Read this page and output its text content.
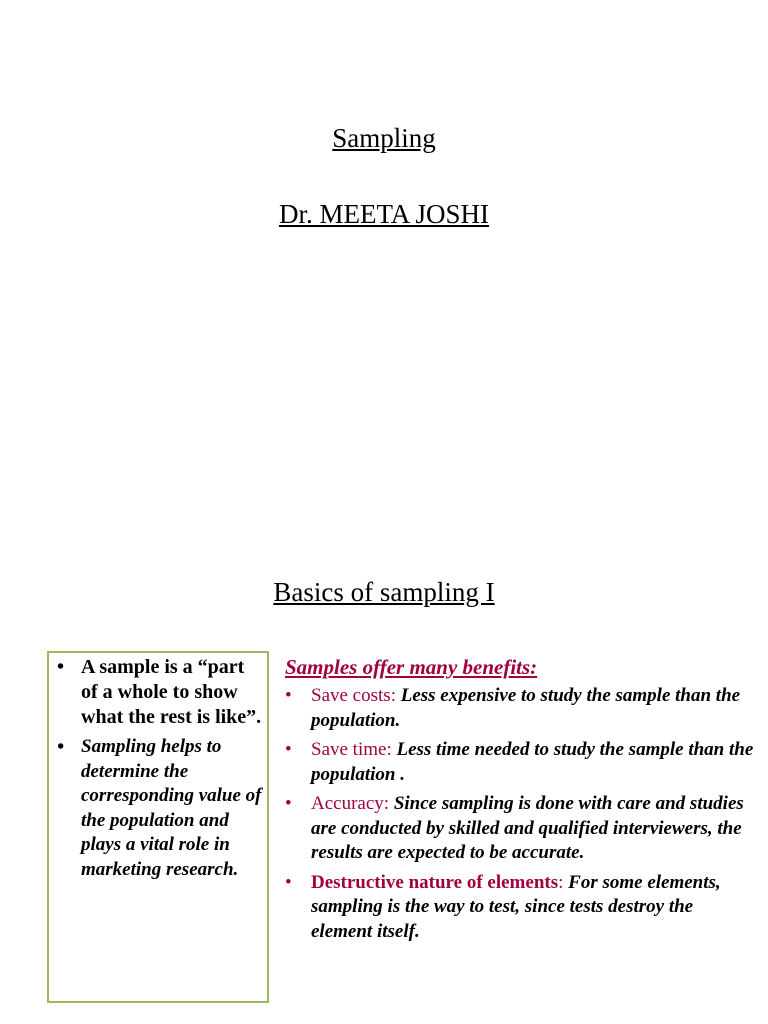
Sampling
Dr. MEETA JOSHI
Basics of sampling I
• A sample is a “part of a whole to show what the rest is like”.
• Sampling helps to determine the corresponding value of the population and plays a vital role in marketing research.
Samples offer many benefits:
• Save costs: Less expensive to study the sample than the population.
• Save time: Less time needed to study the sample than the population .
• Accuracy: Since sampling is done with care and studies are conducted by skilled and qualified interviewers, the results are expected to be accurate.
• Destructive nature of elements: For some elements, sampling is the way to test, since tests destroy the element itself.
